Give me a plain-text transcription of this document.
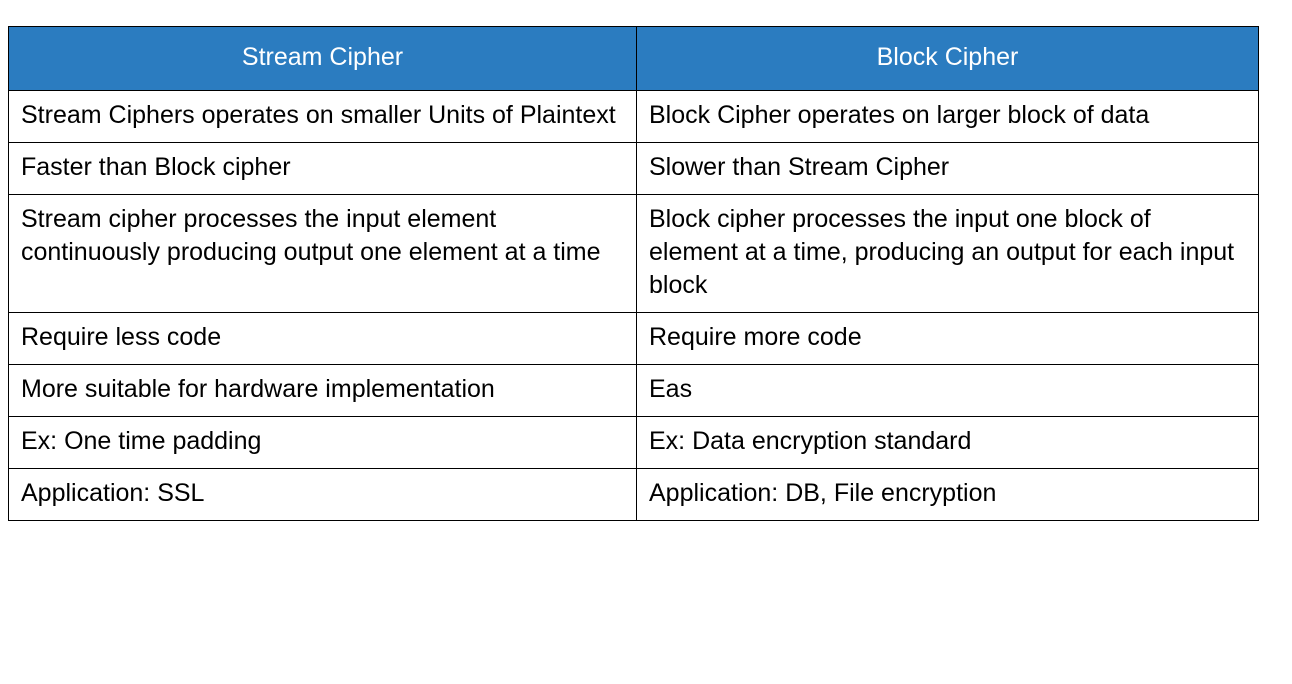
Stream Cipher	Block Cipher

Stream Ciphers operates on smaller Units of Plaintext	Block Cipher operates on larger block of data

Faster than Block cipher	Slower than Stream Cipher

Stream cipher processes the input element continuously producing output one element at a time	Block cipher processes the input one block of element at a time, producing an output for each input block

Require less code	Require more code

More suitable for hardware implementation	Eas

Ex: One time padding	Ex: Data encryption standard

Application: SSL	Application: DB, File encryption
